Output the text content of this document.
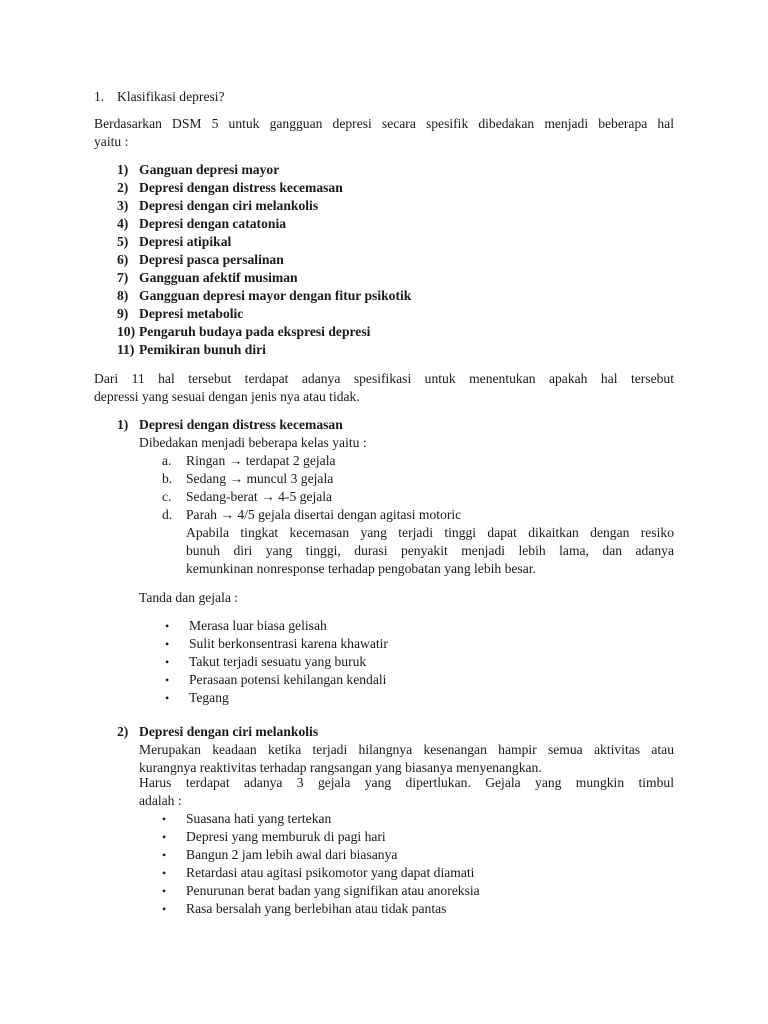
1. Klasifikasi depresi?
Berdasarkan DSM 5 untuk gangguan depresi secara spesifik dibedakan menjadi beberapa hal
yaitu :
1) Ganguan depresi mayor
2) Depresi dengan distress kecemasan
3) Depresi dengan ciri melankolis
4) Depresi dengan catatonia
5) Depresi atipikal
6) Depresi pasca persalinan
7) Gangguan afektif musiman
8) Gangguan depresi mayor dengan fitur psikotik
9) Depresi metabolic
10) Pengaruh budaya pada ekspresi depresi
11) Pemikiran bunuh diri
Dari 11 hal tersebut terdapat adanya spesifikasi untuk menentukan apakah hal tersebut
depressi yang sesuai dengan jenis nya atau tidak.
1) Depresi dengan distress kecemasan
Dibedakan menjadi beberapa kelas yaitu :
a. Ringan → terdapat 2 gejala
b. Sedang → muncul 3 gejala
c. Sedang-berat → 4-5 gejala
d. Parah → 4/5 gejala disertai dengan agitasi motoric
Apabila tingkat kecemasan yang terjadi tinggi dapat dikaitkan dengan resiko
bunuh diri yang tinggi, durasi penyakit menjadi lebih lama, dan adanya
kemunkinan nonresponse terhadap pengobatan yang lebih besar.
Tanda dan gejala :
• Merasa luar biasa gelisah
• Sulit berkonsentrasi karena khawatir
• Takut terjadi sesuatu yang buruk
• Perasaan potensi kehilangan kendali
• Tegang
2) Depresi dengan ciri melankolis
Merupakan keadaan ketika terjadi hilangnya kesenangan hampir semua aktivitas atau
kurangnya reaktivitas terhadap rangsangan yang biasanya menyenangkan.
Harus terdapat adanya 3 gejala yang dipertlukan. Gejala yang mungkin timbul
adalah :
• Suasana hati yang tertekan
• Depresi yang memburuk di pagi hari
• Bangun 2 jam lebih awal dari biasanya
• Retardasi atau agitasi psikomotor yang dapat diamati
• Penurunan berat badan yang signifikan atau anoreksia
• Rasa bersalah yang berlebihan atau tidak pantas
